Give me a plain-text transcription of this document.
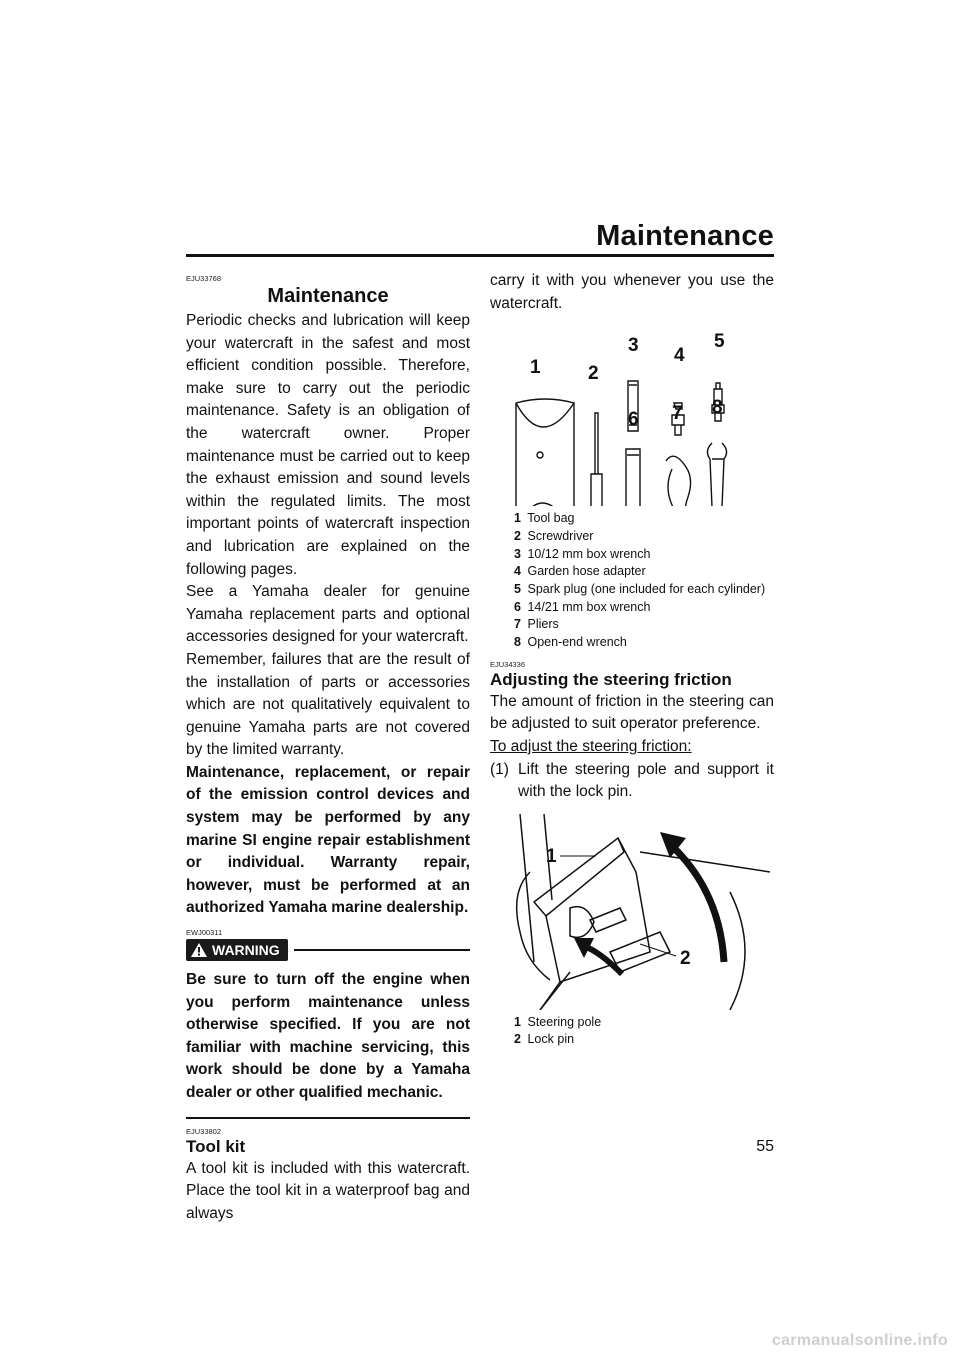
Maintenance
EJU33768
Maintenance

Periodic checks and lubrication will keep your watercraft in the safest and most efficient condition possible. Therefore, make sure to carry out the periodic maintenance. Safety is an obligation of the watercraft owner. Proper maintenance must be carried out to keep the exhaust emission and sound levels within the regulated limits. The most important points of watercraft inspection and lubrication are explained on the following pages.

See a Yamaha dealer for genuine Yamaha replacement parts and optional accessories designed for your watercraft.

Remember, failures that are the result of the installation of parts or accessories which are not qualitatively equivalent to genuine Yamaha parts are not covered by the limited warranty.

Maintenance, replacement, or repair of the emission control devices and system may be performed by any marine SI engine repair establishment or individual. Warranty repair, however, must be performed at an authorized Yamaha marine dealership.

EWJ00311
WARNING
Be sure to turn off the engine when you perform maintenance unless otherwise specified. If you are not familiar with machine servicing, this work should be done by a Yamaha dealer or other qualified mechanic.
EJU33802
Tool kit

A tool kit is included with this watercraft. Place the tool kit in a waterproof bag and always

carry it with you whenever you use the watercraft.

1 2
3 4
5
6 7 8
1 Tool bag
2 Screwdriver
3 10/12 mm box wrench
4 Garden hose adapter
5 Spark plug (one included for each cylinder)
6 14/21 mm box wrench
7 Pliers
8 Open-end wrench
EJU34336
Adjusting the steering friction

The amount of friction in the steering can be adjusted to suit operator preference.

To adjust the steering friction:
(1) Lift the steering pole and support it with the lock pin.
1
2
1 Steering pole
2 Lock pin
55
carmanualsonline.info
